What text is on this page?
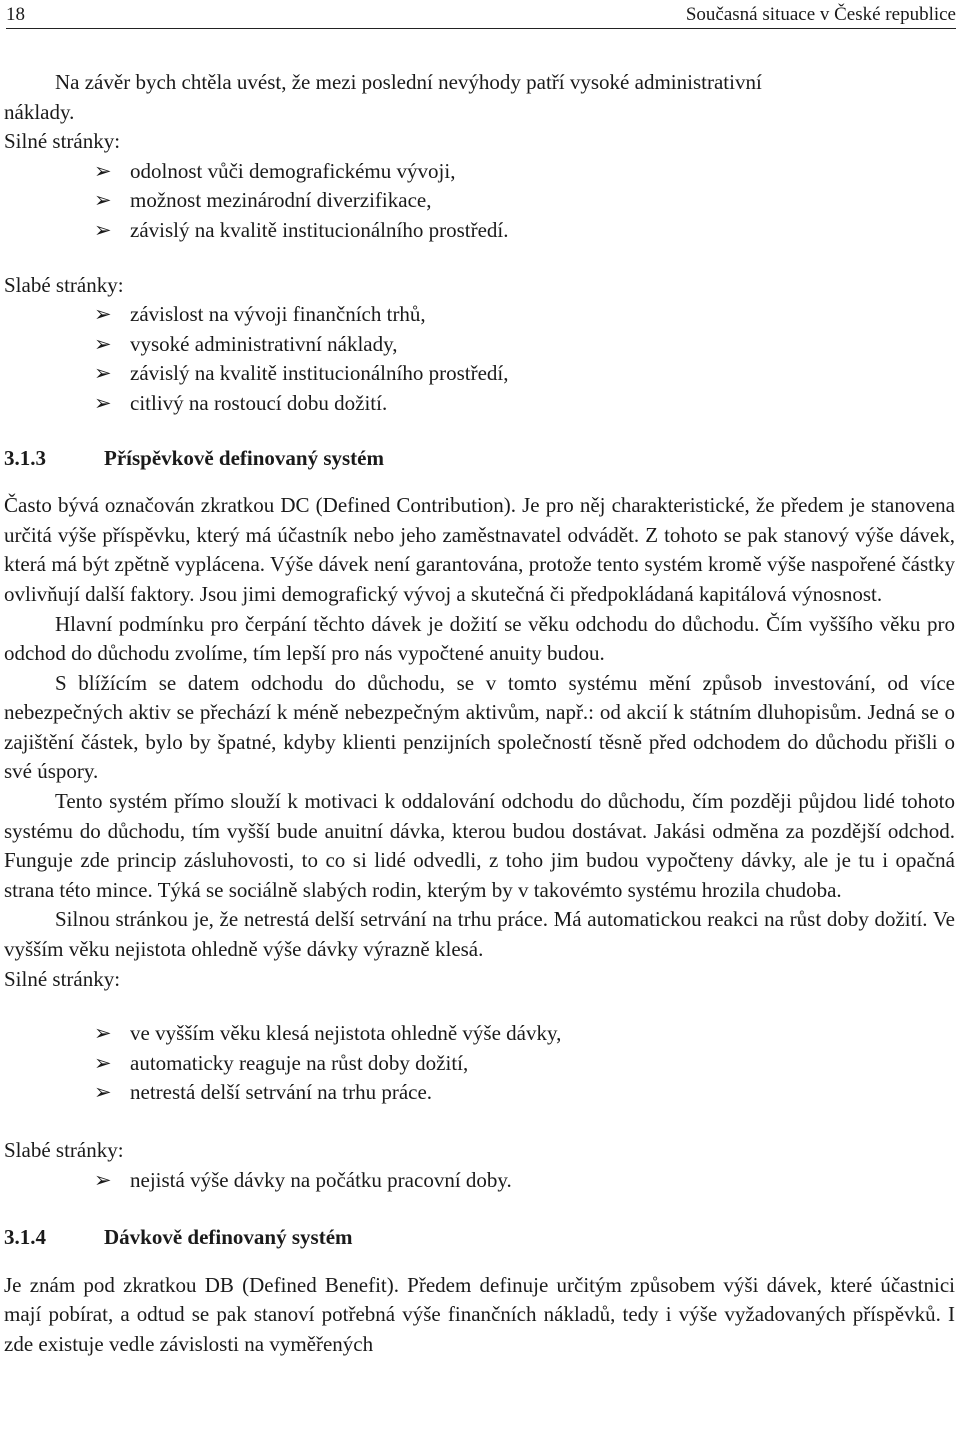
18	Současná situace v České republice

Na závěr bych chtěla uvést, že mezi poslední nevýhody patří vysoké administrativní

náklady.

Silné stránky:

➢ odolnost vůči demografickému vývoji,
➢ možnost mezinárodní diverzifikace,
➢ závislý na kvalitě institucionálního prostředí.

Slabé stránky:

➢ závislost na vývoji finančních trhů,
➢ vysoké administrativní náklady,
➢ závislý na kvalitě institucionálního prostředí,
➢ citlivý na rostoucí dobu dožití.

3.1.3	Příspěvkově definovaný systém

Často bývá označován zkratkou DC (Defined Contribution). Je pro něj charakteristické, že předem je stanovena určitá výše příspěvku, který má účastník nebo jeho zaměstnavatel odvádět. Z tohoto se pak stanový výše dávek, která má být zpětně vyplácena. Výše dávek není garantována, protože tento systém kromě výše naspořené částky ovlivňují další faktory. Jsou jimi demografický vývoj a skutečná či předpokládaná kapitálová výnosnost.

Hlavní podmínku pro čerpání těchto dávek je dožití se věku odchodu do důchodu. Čím vyššího věku pro odchod do důchodu zvolíme, tím lepší pro nás vypočtené anuity budou.

S blížícím se datem odchodu do důchodu, se v tomto systému mění způsob investování, od více nebezpečných aktiv se přechází k méně nebezpečným aktivům, např.: od akcií k státním dluhopisům. Jedná se o zajištění částek, bylo by špatné, kdyby klienti penzijních společností těsně před odchodem do důchodu přišli o své úspory.

Tento systém přímo slouží k motivaci k oddalování odchodu do důchodu, čím později půjdou lidé tohoto systému do důchodu, tím vyšší bude anuitní dávka, kterou budou dostávat. Jakási odměna za pozdější odchod. Funguje zde princip zásluhovosti, to co si lidé odvedli, z toho jim budou vypočteny dávky, ale je tu i opačná strana této mince. Týká se sociálně slabých rodin, kterým by v takovémto systému hrozila chudoba.

Silnou stránkou je, že netrestá delší setrvání na trhu práce. Má automatickou reakci na růst doby dožití. Ve vyšším věku nejistota ohledně výše dávky výrazně klesá.

Silné stránky:

➢ ve vyšším věku klesá nejistota ohledně výše dávky,
➢ automaticky reaguje na růst doby dožití,
➢ netrestá delší setrvání na trhu práce.

Slabé stránky:

➢ nejistá výše dávky na počátku pracovní doby.

3.1.4	Dávkově definovaný systém

Je znám pod zkratkou DB (Defined Benefit). Předem definuje určitým způsobem výši dávek, které účastnici mají pobírat, a odtud se pak stanoví potřebná výše finančních nákladů, tedy i výše vyžadovaných příspěvků. I zde existuje vedle závislosti na vyměřených
